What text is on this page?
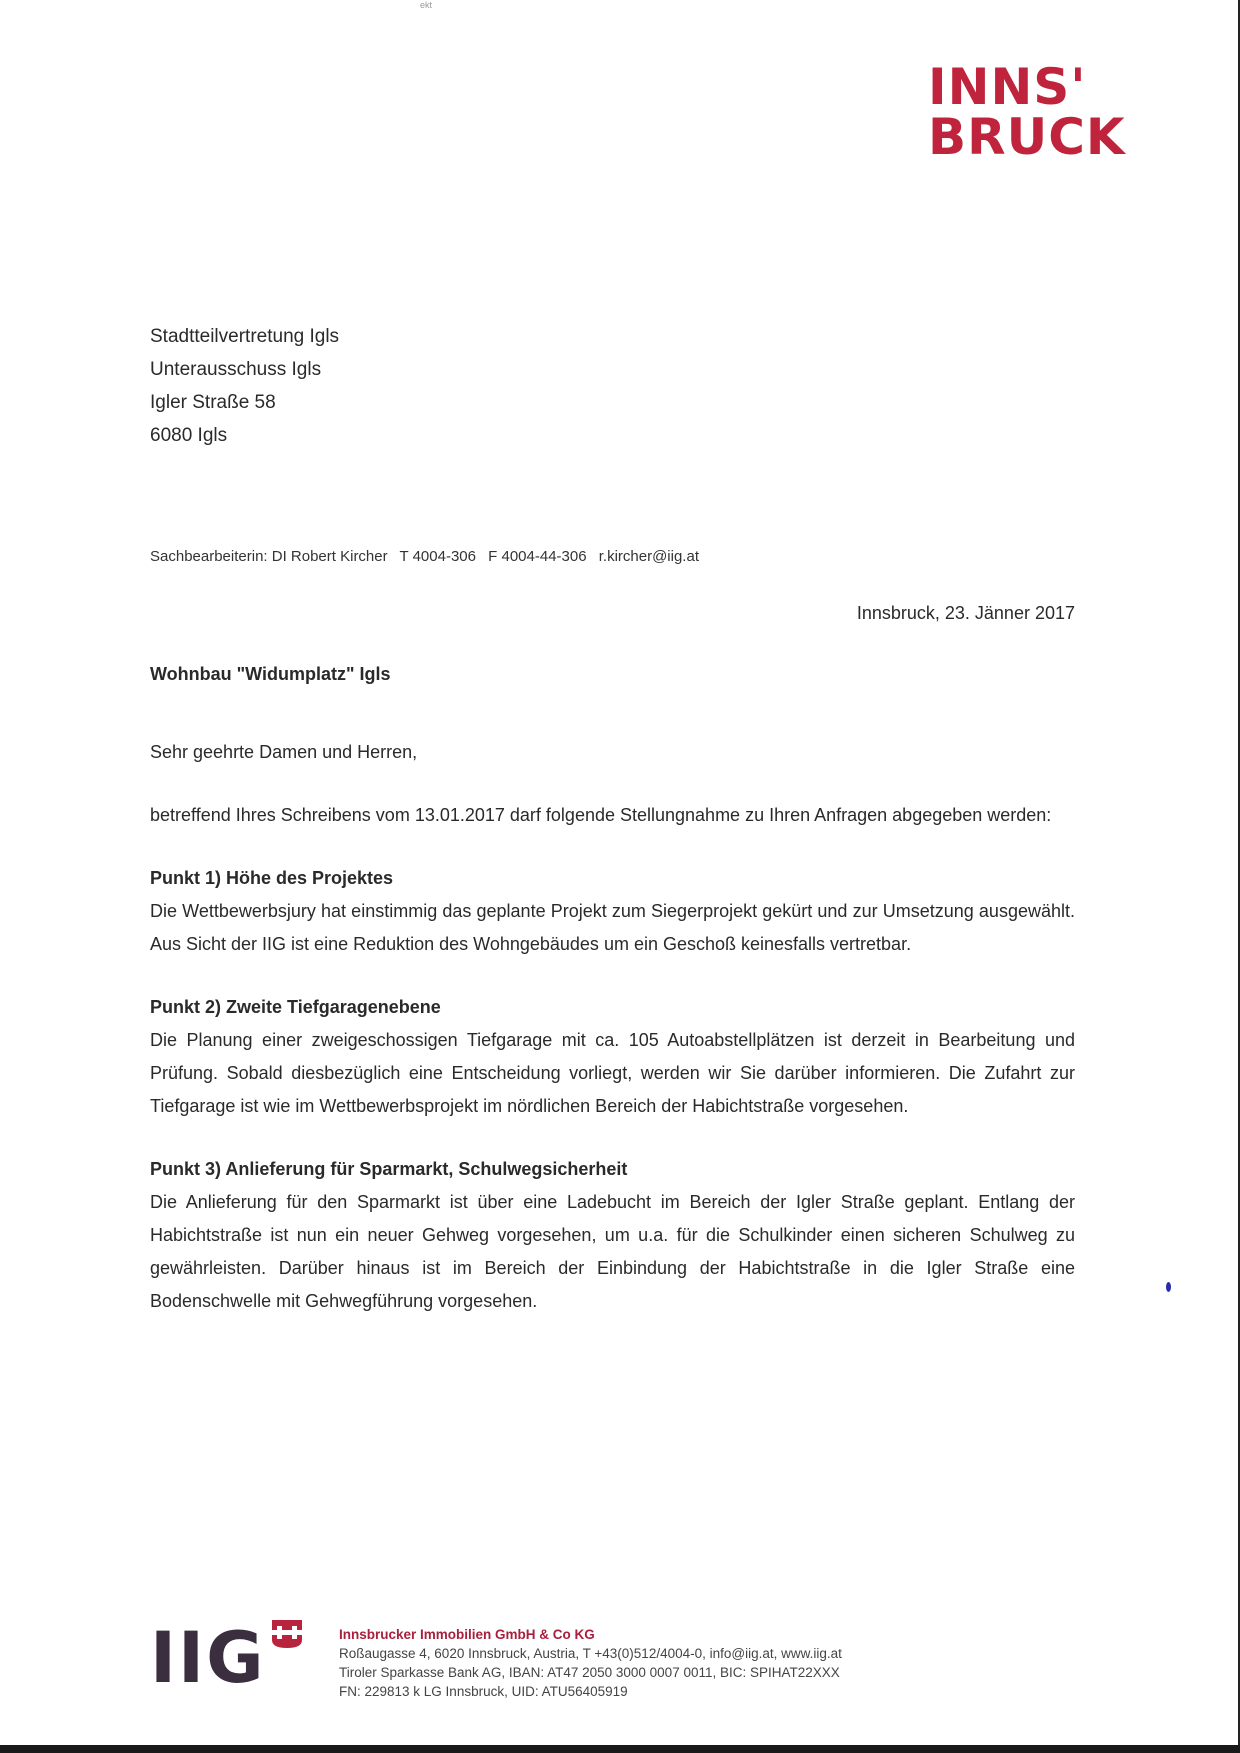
ekt
INNS'
BRUCK
Stadtteilvertretung Igls
Unterausschuss Igls
Igler Straße 58
6080 Igls
Sachbearbeiterin: DI Robert Kircher T 4004-306 F 4004-44-306 r.kircher@iig.at
Innsbruck, 23. Jänner 2017
Wohnbau "Widumplatz" Igls

Sehr geehrte Damen und Herren,

betreffend Ihres Schreibens vom 13.01.2017 darf folgende Stellungnahme zu Ihren Anfragen abgegeben werden:

Punkt 1) Höhe des Projektes

Die Wettbewerbsjury hat einstimmig das geplante Projekt zum Siegerprojekt gekürt und zur Umsetzung ausgewählt. Aus Sicht der IIG ist eine Reduktion des Wohngebäudes um ein Geschoß keinesfalls vertretbar.

Punkt 2) Zweite Tiefgaragenebene

Die Planung einer zweigeschossigen Tiefgarage mit ca. 105 Autoabstellplätzen ist derzeit in Bearbeitung und Prüfung. Sobald diesbezüglich eine Entscheidung vorliegt, werden wir Sie darüber informieren. Die Zufahrt zur Tiefgarage ist wie im Wettbewerbsprojekt im nördlichen Bereich der Habichtstraße vorgesehen.

Punkt 3) Anlieferung für Sparmarkt, Schulwegsicherheit

Die Anlieferung für den Sparmarkt ist über eine Ladebucht im Bereich der Igler Straße geplant. Entlang der Habichtstraße ist nun ein neuer Gehweg vorgesehen, um u.a. für die Schulkinder einen sicheren Schulweg zu gewährleisten. Darüber hinaus ist im Bereich der Einbindung der Habichtstraße in die Igler Straße eine Bodenschwelle mit Gehwegführung vorgesehen.

IIG	Innsbrucker Immobilien GmbH & Co KG
Roßaugasse 4, 6020 Innsbruck, Austria, T +43(0)512/4004-0, info@iig.at, www.iig.at
Tiroler Sparkasse Bank AG, IBAN: AT47 2050 3000 0007 0011, BIC: SPIHAT22XXX
FN: 229813 k LG Innsbruck, UID: ATU56405919
